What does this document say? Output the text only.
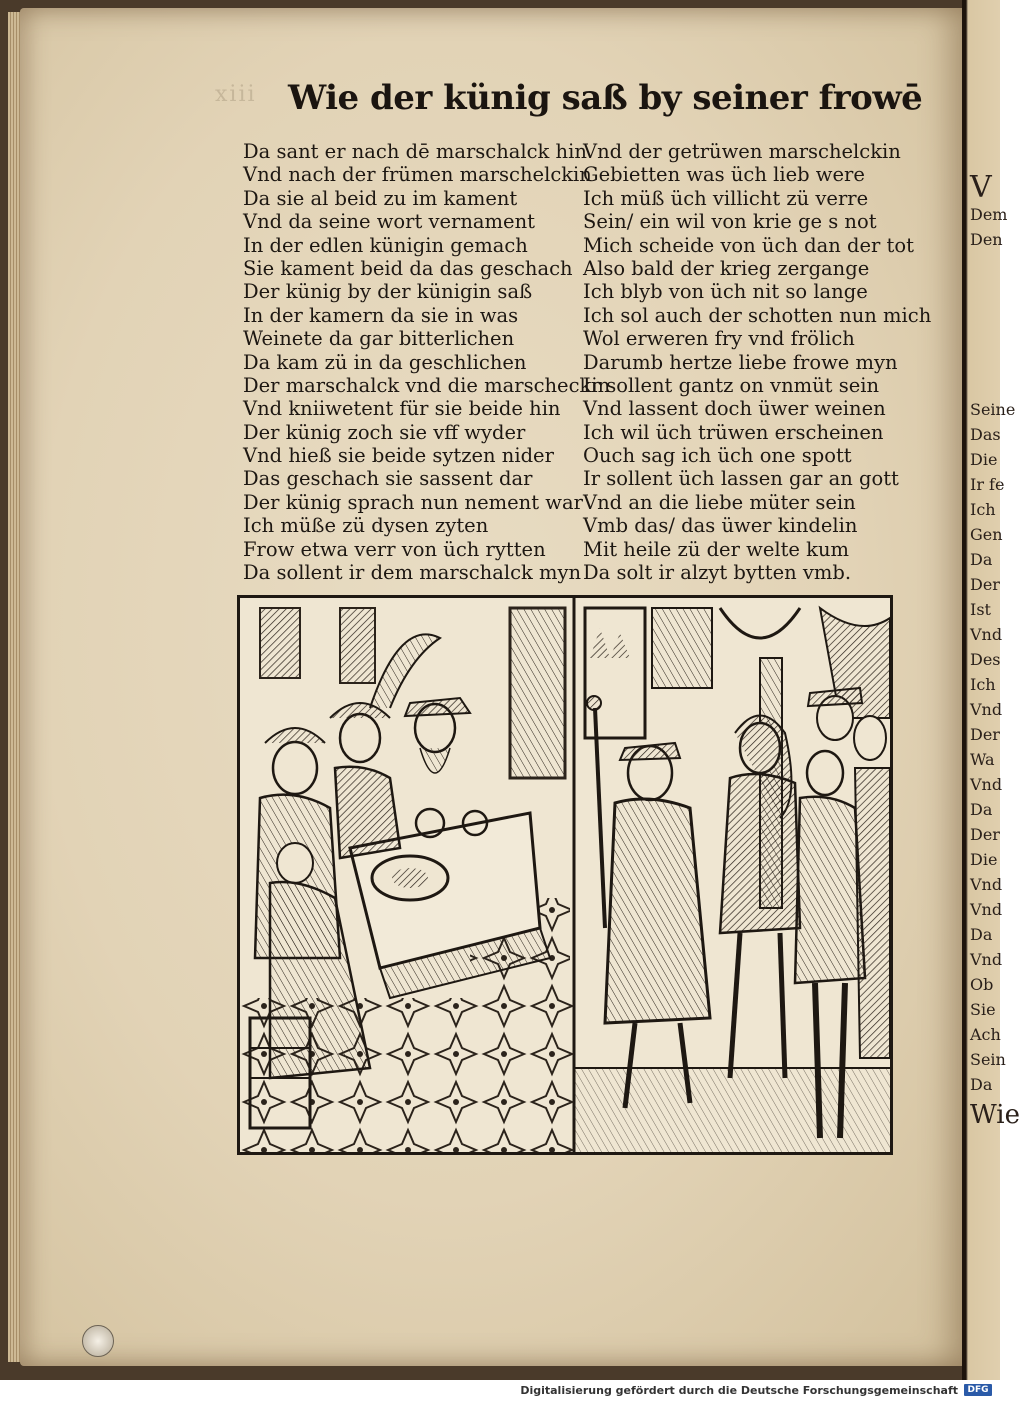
V
Dem
Den
Seine
Das
Die
Ir fe
Ich
Gen
Da
Der
Ist
Vnd
Des
Ich
Vnd
Der
Wa
Vnd
Da
Der
Die
Vnd
Vnd
Da
Vnd
Ob
Sie
Ach
Sein
Da
Wie
xiii Wie der künig saß by seiner frowē
Da sant er nach dē marschalck hin
Vnd nach der frümen marschelckin
Da sie al beid zu im kament
Vnd da seine wort vernament
In der edlen künigin gemach
Sie kament beid da das geschach
Der künig by der künigin saß
In der kamern da sie in was
Weinete da gar bitterlichen
Da kam zü in da geschlichen
Der marschalck vnd die marscheckin
Vnd kniiwetent für sie beide hin
Der künig zoch sie vff wyder
Vnd hieß sie beide sytzen nider
Das geschach sie sassent dar
Der künig sprach nun nement war
Ich müße zü dysen zyten
Frow etwa verr von üch rytten
Da sollent ir dem marschalck myn
Vnd der getrüwen marschelckin
Gebietten was üch lieb were
Ich müß üch villicht zü verre
Sein/ ein wil von krie ge s not
Mich scheide von üch dan der tot
Also bald der krieg zergange
Ich blyb von üch nit so lange
Ich sol auch der schotten nun mich
Wol erweren fry vnd frölich
Darumb hertze liebe frowe myn
Ir sollent gantz on vnmüt sein
Vnd lassent doch üwer weinen
Ich wil üch trüwen erscheinen
Ouch sag ich üch one spott
Ir sollent üch lassen gar an gott
Vnd an die liebe müter sein
Vmb das/ das üwer kindelin
Mit heile zü der welte kum
Da solt ir alzyt bytten vmb.
Digitalisierung gefördert durch die Deutsche Forschungsgemeinschaft	DFG
